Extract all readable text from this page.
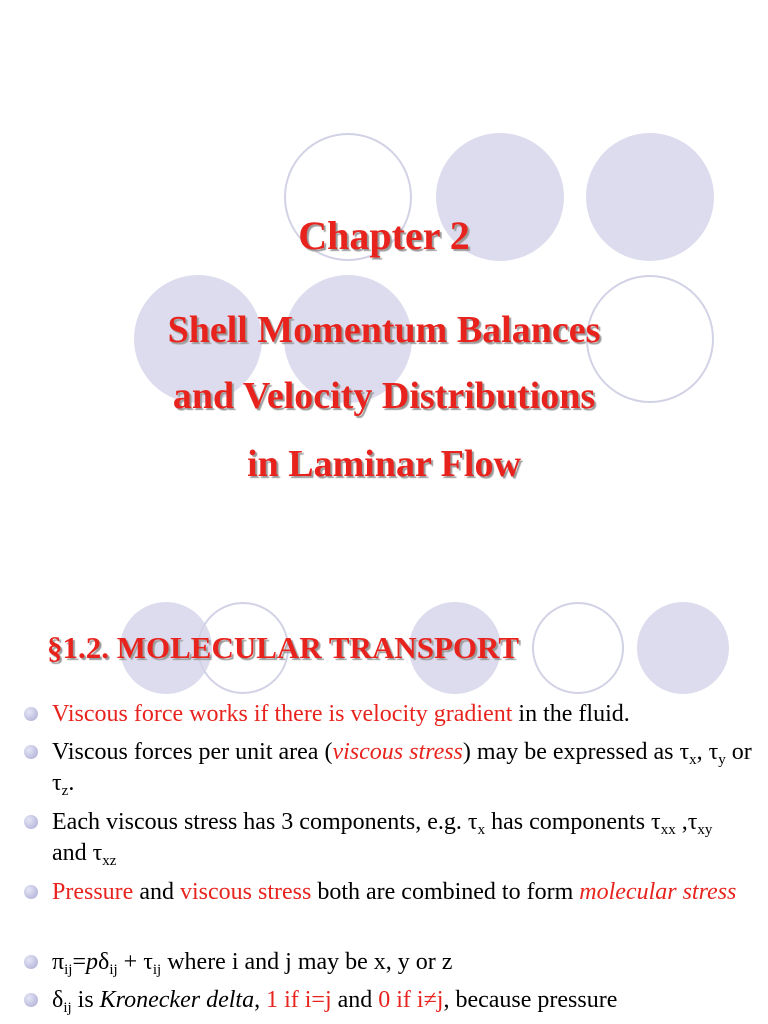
Chapter 2
Shell Momentum Balances
and Velocity Distributions
in Laminar Flow
§1.2. MOLECULAR TRANSPORT
Viscous force works if there is velocity gradient in the fluid.
Viscous forces per unit area (viscous stress) may be expressed as $\tau_x$, $\tau_y$ or $\tau_z$.
Each viscous stress has 3 components, e.g. $\tau_x$ has components $\tau_{xx}$ $,\tau_{xy}$ and $\tau_{xz}$
Pressure and viscous stress both are combined to form molecular stress
$\pi_{ij}=p\delta_{ij} + \tau_{ij}$ where i and j may be x, y or z
$\delta_{ij}$ is Kronecker delta, 1 if i=j and 0 if i≠j, because pressure
